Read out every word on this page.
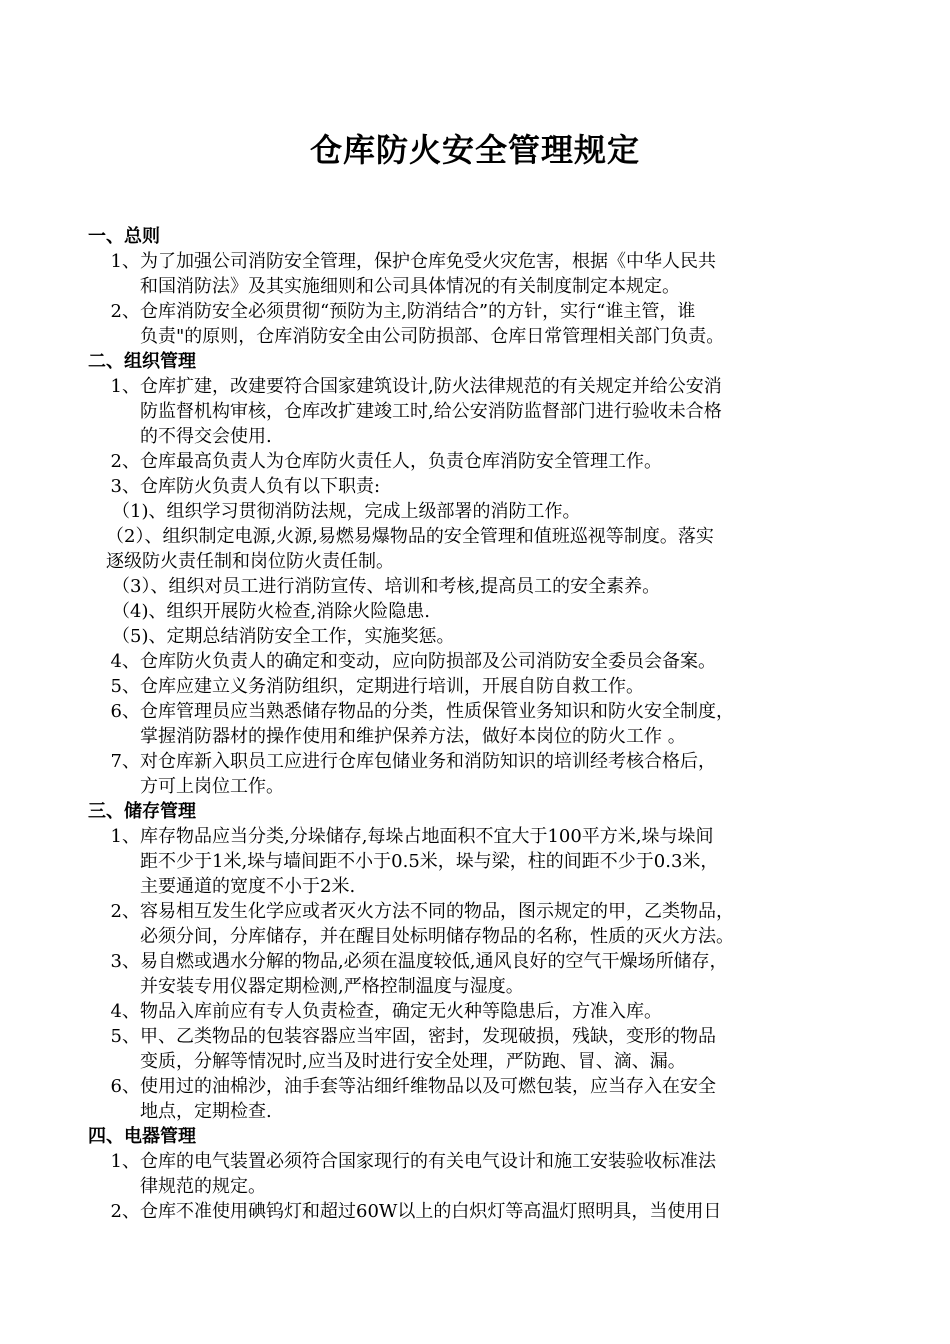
仓库防火安全管理规定
一、总则
1、 为了加强公司消防安全管理，保护仓库免受火灾危害，根据《中华人民共
和国消防法》及其实施细则和公司具体情况的有关制度制定本规定。
2、 仓库消防安全必须贯彻“预防为主,防消结合”的方针，实行“谁主管，谁
负责"的原则，仓库消防安全由公司防损部、仓库日常管理相关部门负责。
二、组织管理
1、 仓库扩建，改建要符合国家建筑设计,防火法律规范的有关规定并给公安消
防监督机构审核，仓库改扩建竣工时,给公安消防监督部门进行验收未合格
的不得交会使用.
2、 仓库最高负责人为仓库防火责任人，负责仓库消防安全管理工作。
3、 仓库防火负责人负有以下职责:
（1)、组织学习贯彻消防法规，完成上级部署的消防工作。
（2）、组织制定电源,火源,易燃易爆物品的安全管理和值班巡视等制度。落实
逐级防火责任制和岗位防火责任制。
（3）、组织对员工进行消防宣传、培训和考核,提高员工的安全素养。
（4)、组织开展防火检查,消除火险隐患.
（5)、定期总结消防安全工作，实施奖惩。
4、 仓库防火负责人的确定和变动，应向防损部及公司消防安全委员会备案。
5、 仓库应建立义务消防组织，定期进行培训，开展自防自救工作。
6、 仓库管理员应当熟悉储存物品的分类，性质保管业务知识和防火安全制度，
掌握消防器材的操作使用和维护保养方法，做好本岗位的防火工作 。
7、 对仓库新入职员工应进行仓库包储业务和消防知识的培训经考核合格后，
方可上岗位工作。
三、储存管理
1、 库存物品应当分类,分垛储存,每垛占地面积不宜大于100平方米,垛与垛间
距不少于1米,垛与墙间距不小于0.5米，垛与梁，柱的间距不少于0.3米，
主要通道的宽度不小于2米.
2、 容易相互发生化学应或者灭火方法不同的物品，图示规定的甲，乙类物品，
必须分间，分库储存，并在醒目处标明储存物品的名称，性质的灭火方法。
3、 易自燃或遇水分解的物品,必须在温度较低,通风良好的空气干燥场所储存，
并安装专用仪器定期检测,严格控制温度与湿度。
4、 物品入库前应有专人负责检查，确定无火种等隐患后，方准入库。
5、 甲、乙类物品的包装容器应当牢固，密封，发现破损，残缺，变形的物品
变质，分解等情况时,应当及时进行安全处理，严防跑、冒、滴、漏。
6、 使用过的油棉沙，油手套等沾细纤维物品以及可燃包装，应当存入在安全
地点，定期检查.
四、电器管理
1、 仓库的电气装置必须符合国家现行的有关电气设计和施工安装验收标准法
律规范的规定。
2、 仓库不准使用碘钨灯和超过60W以上的白炽灯等高温灯照明具，当使用日
